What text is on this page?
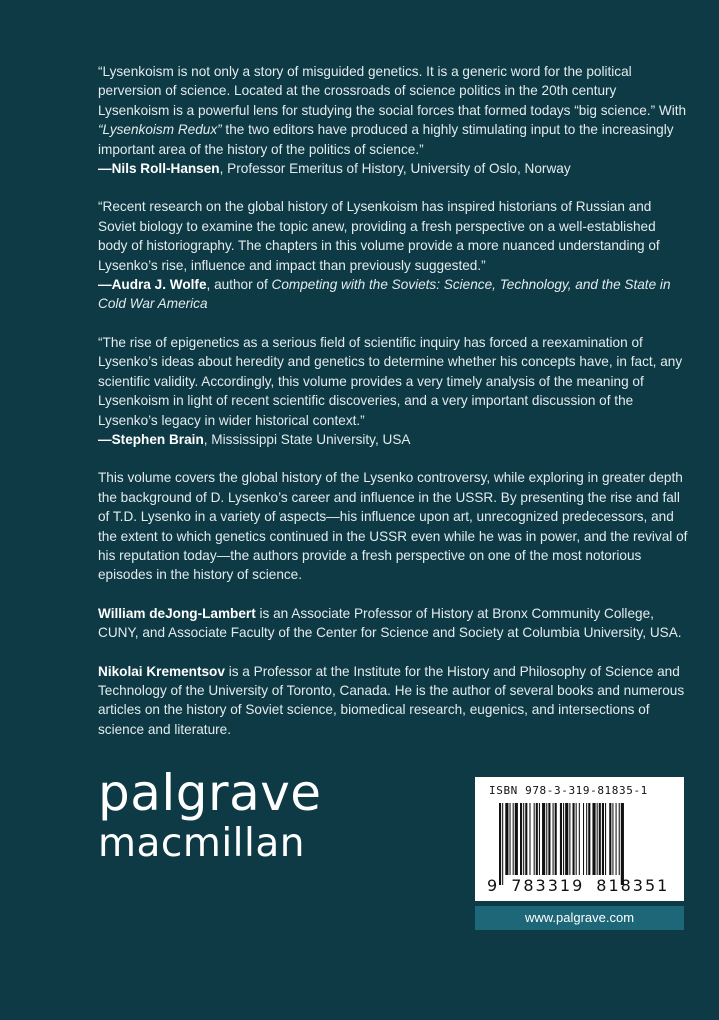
“Lysenkoism is not only a story of misguided genetics. It is a generic word for the political perversion of science. Located at the crossroads of science politics in the 20th century Lysenkoism is a powerful lens for studying the social forces that formed todays “big science.” With “Lysenkoism Redux” the two editors have produced a highly stimulating input to the increasingly important area of the history of the politics of science.”
—Nils Roll-Hansen, Professor Emeritus of History, University of Oslo, Norway
“Recent research on the global history of Lysenkoism has inspired historians of Russian and Soviet biology to examine the topic anew, providing a fresh perspective on a well-established body of historiography. The chapters in this volume provide a more nuanced understanding of Lysenko’s rise, influence and impact than previously suggested.”
—Audra J. Wolfe, author of Competing with the Soviets: Science, Technology, and the State in Cold War America
“The rise of epigenetics as a serious field of scientific inquiry has forced a reexamination of Lysenko’s ideas about heredity and genetics to determine whether his concepts have, in fact, any scientific validity. Accordingly, this volume provides a very timely analysis of the meaning of Lysenkoism in light of recent scientific discoveries, and a very important discussion of the Lysenko’s legacy in wider historical context.”
—Stephen Brain, Mississippi State University, USA
This volume covers the global history of the Lysenko controversy, while exploring in greater depth the background of D. Lysenko’s career and influence in the USSR. By presenting the rise and fall of T.D. Lysenko in a variety of aspects—his influence upon art, unrecognized predecessors, and the extent to which genetics continued in the USSR even while he was in power, and the revival of his reputation today—the authors provide a fresh perspective on one of the most notorious episodes in the history of science.
William deJong-Lambert is an Associate Professor of History at Bronx Community College, CUNY, and Associate Faculty of the Center for Science and Society at Columbia University, USA.
Nikolai Krementsov is a Professor at the Institute for the History and Philosophy of Science and Technology of the University of Toronto, Canada. He is the author of several books and numerous articles on the history of Soviet science, biomedical research, eugenics, and intersections of science and literature.
palgrave
macmillan
ISBN 978-3-319-81835-1
9 783319 818351
www.palgrave.com
